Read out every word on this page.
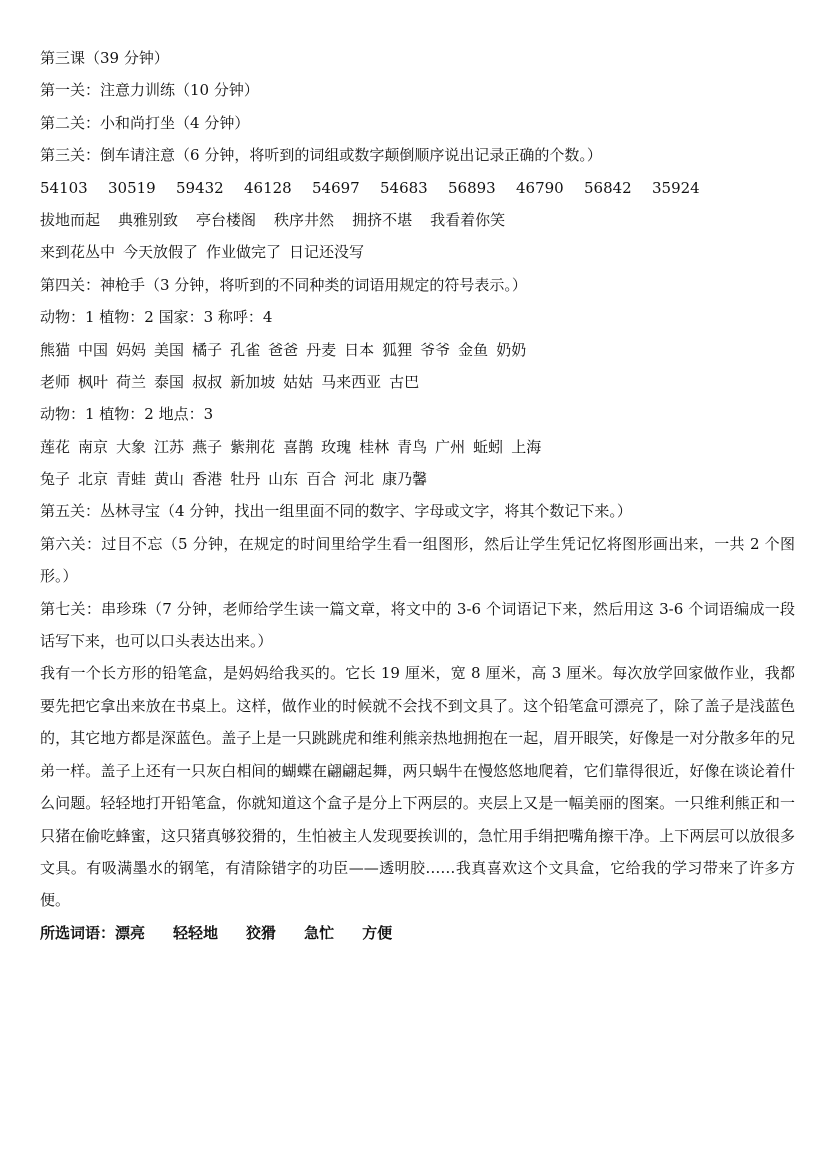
第三课（39 分钟）
第一关：注意力训练（10 分钟）
第二关：小和尚打坐（4 分钟）
第三关：倒车请注意（6 分钟，将听到的词组或数字颠倒顺序说出记录正确的个数。）
54103	30519	59432	46128	54697	54683	56893	46790	56842	35924
拔地而起 典雅别致 亭台楼阁 秩序井然 拥挤不堪 我看着你笑
来到花丛中 今天放假了 作业做完了 日记还没写
第四关：神枪手（3 分钟，将听到的不同种类的词语用规定的符号表示。）
动物：1 植物：2 国家：3 称呼：4
熊猫 中国 妈妈 美国 橘子 孔雀 爸爸 丹麦 日本 狐狸 爷爷 金鱼 奶奶
老师 枫叶 荷兰 泰国 叔叔 新加坡 姑姑 马来西亚 古巴
动物：1 植物：2 地点：3
莲花 南京 大象 江苏 燕子 紫荆花 喜鹊 玫瑰 桂林 青鸟 广州 蚯蚓 上海
兔子 北京 青蛙 黄山 香港 牡丹 山东 百合 河北 康乃馨
第五关：丛林寻宝（4 分钟，找出一组里面不同的数字、字母或文字，将其个数记下来。）
第六关：过目不忘（5 分钟，在规定的时间里给学生看一组图形，然后让学生凭记忆将图形画出来，一共 2 个图形。）
第七关：串珍珠（7 分钟，老师给学生读一篇文章，将文中的 3-6 个词语记下来，然后用这 3-6 个词语编成一段话写下来，也可以口头表达出来。）
我有一个长方形的铅笔盒，是妈妈给我买的。它长 19 厘米，宽 8 厘米，高 3 厘米。每次放学回家做作业，我都要先把它拿出来放在书桌上。这样，做作业的时候就不会找不到文具了。这个铅笔盒可漂亮了，除了盖子是浅蓝色的，其它地方都是深蓝色。盖子上是一只跳跳虎和维利熊亲热地拥抱在一起，眉开眼笑，好像是一对分散多年的兄弟一样。盖子上还有一只灰白相间的蝴蝶在翩翩起舞，两只蜗牛在慢悠悠地爬着，它们靠得很近，好像在谈论着什么问题。轻轻地打开铅笔盒，你就知道这个盒子是分上下两层的。夹层上又是一幅美丽的图案。一只维利熊正和一只猪在偷吃蜂蜜，这只猪真够狡猾的，生怕被主人发现要挨训的，急忙用手绢把嘴角擦干净。上下两层可以放很多文具。有吸满墨水的钢笔，有清除错字的功臣——透明胶……我真喜欢这个文具盒，它给我的学习带来了许多方便。
所选词语： 漂亮 轻轻地 狡猾 急忙 方便
